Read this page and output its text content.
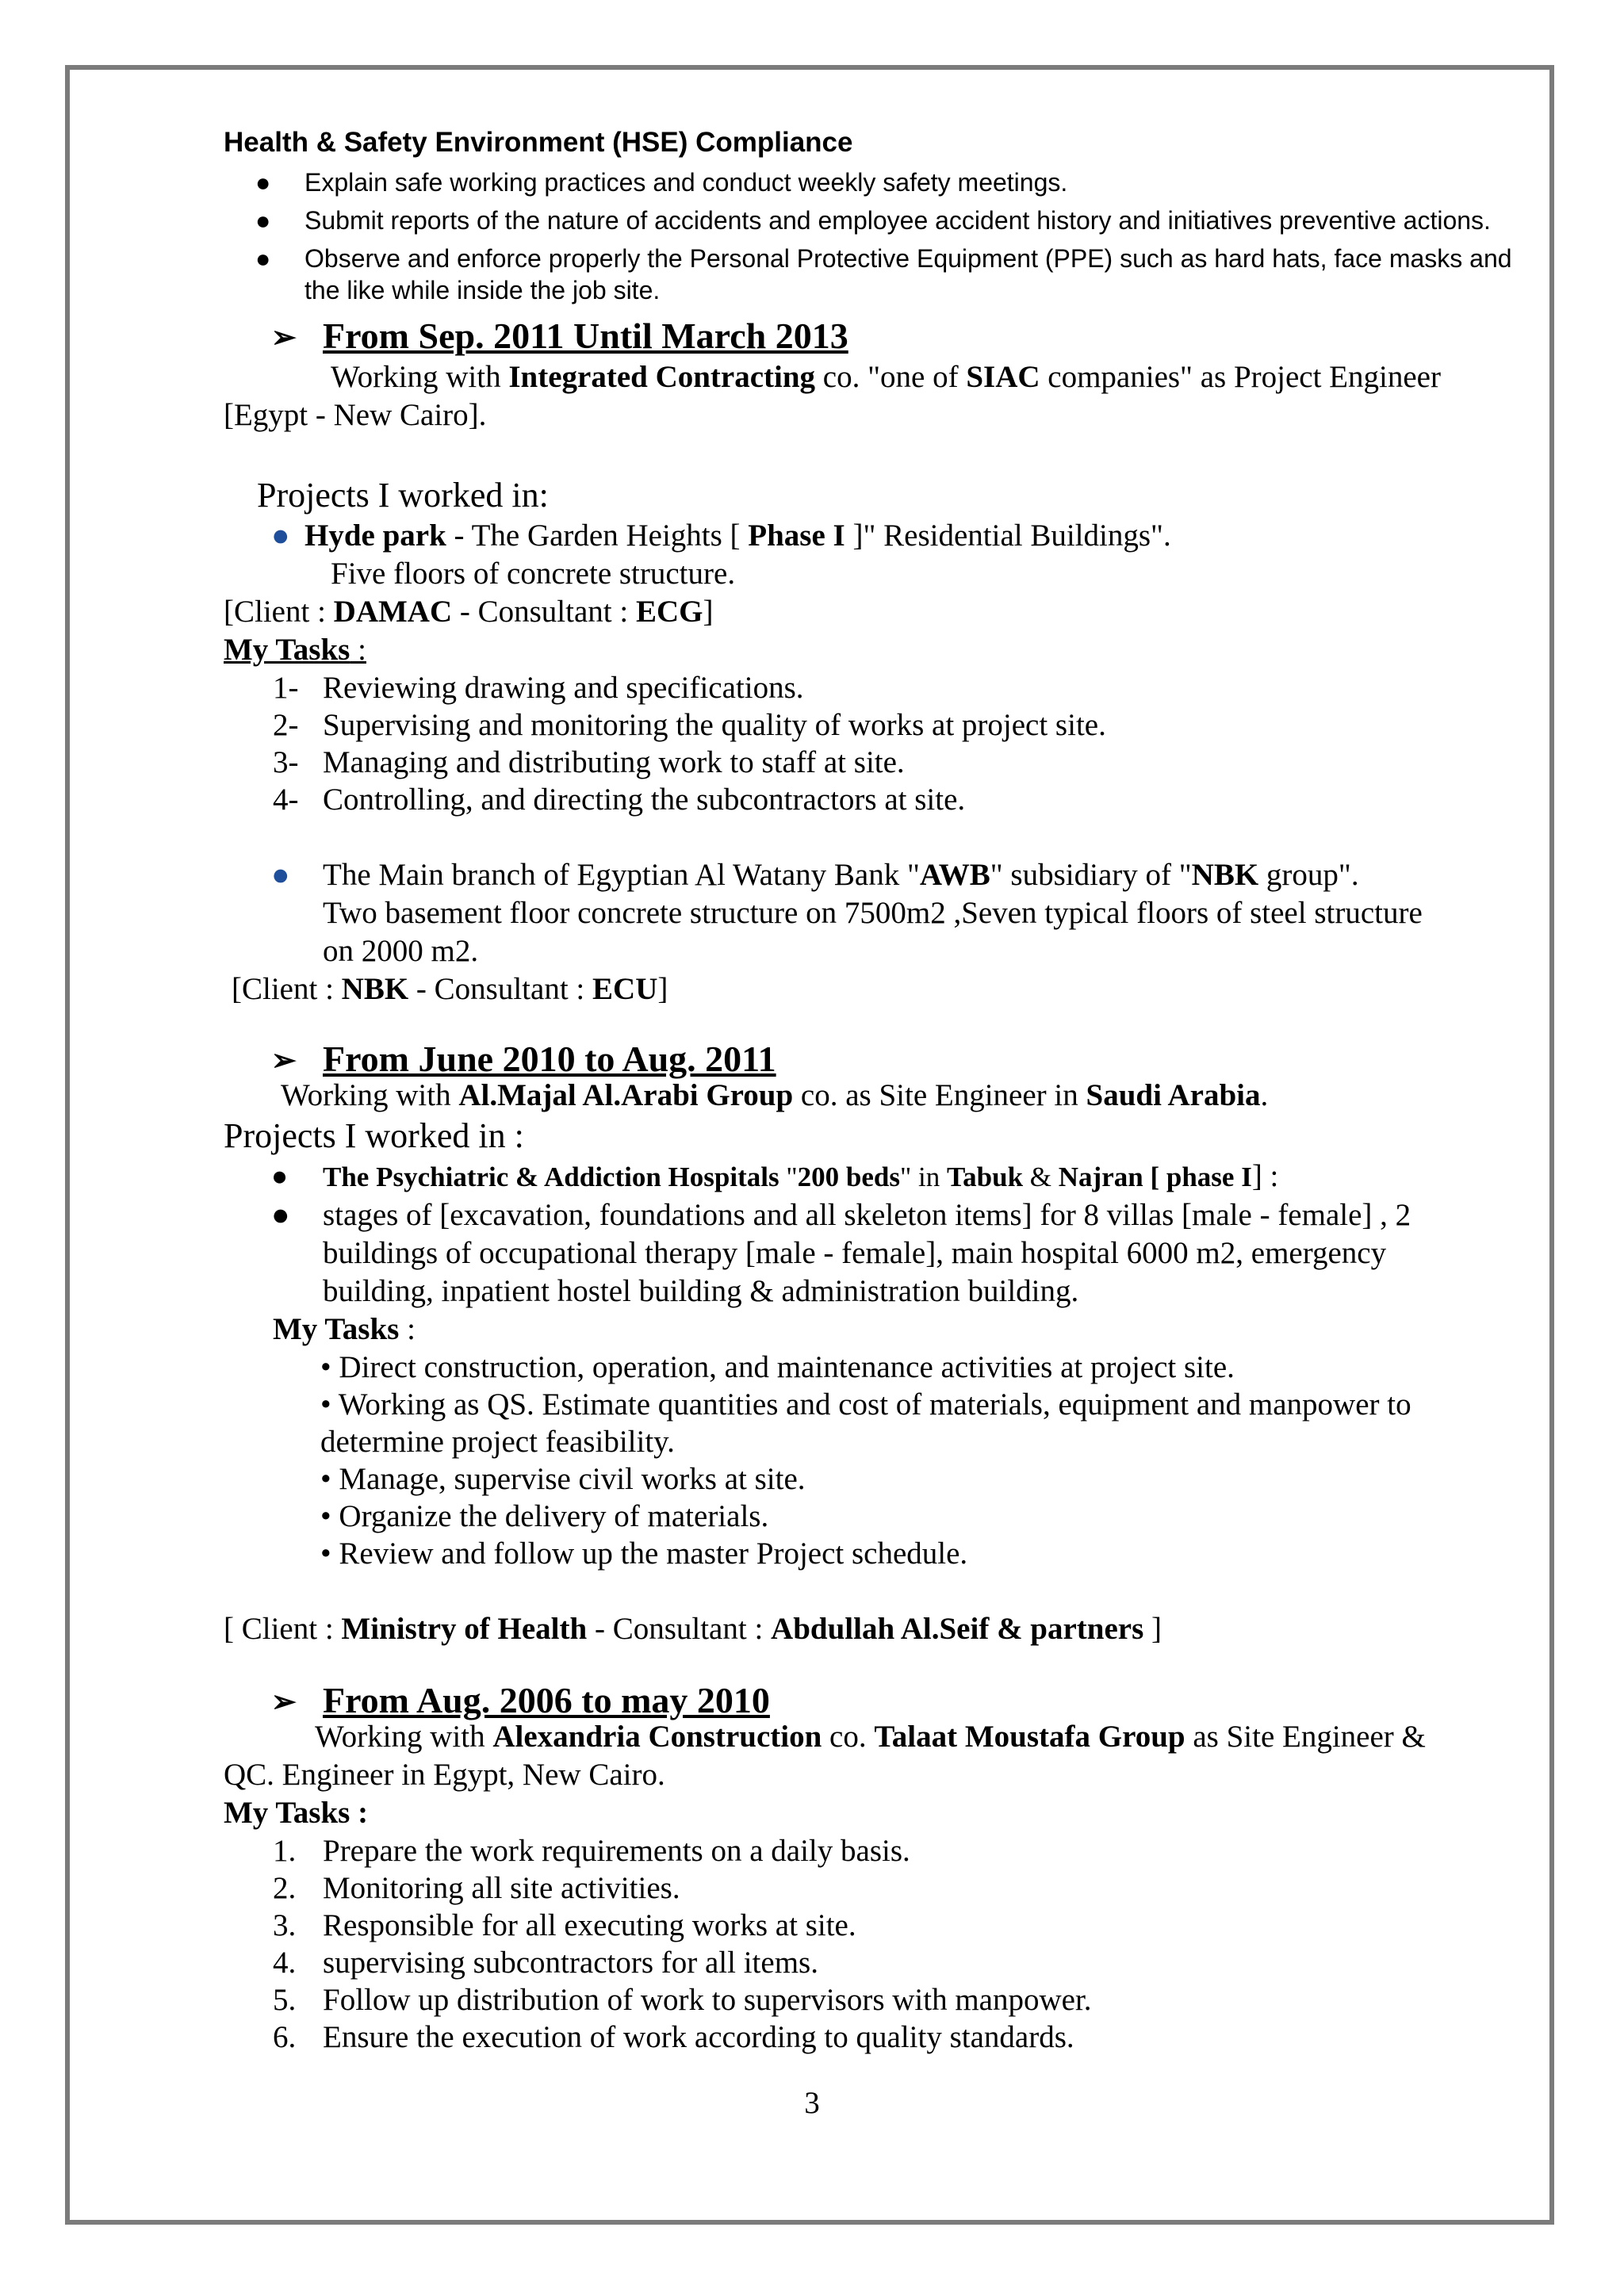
Health & Safety Environment (HSE) Compliance
● Explain safe working practices and conduct weekly safety meetings.
● Submit reports of the nature of accidents and employee accident history and initiatives preventive actions.
● Observe and enforce properly the Personal Protective Equipment (PPE) such as hard hats, face masks and the like while inside the job site.
➢ From Sep. 2011 Until March 2013
Working with Integrated Contracting co. "one of SIAC companies" as Project Engineer
[Egypt - New Cairo].
Projects I worked in:
● Hyde park - The Garden Heights [ Phase I ]" Residential Buildings".
Five floors of concrete structure.
[Client : DAMAC - Consultant : ECG]
My Tasks :
1- Reviewing drawing and specifications.
2- Supervising and monitoring the quality of works at project site.
3- Managing and distributing work to staff at site.
4- Controlling, and directing the subcontractors at site.
● The Main branch of Egyptian Al Watany Bank "AWB" subsidiary of "NBK group".
Two basement floor concrete structure on 7500m2 ,Seven typical floors of steel structure
on 2000 m2.
[Client : NBK - Consultant : ECU]
➢ From June 2010 to Aug. 2011
Working with Al.Majal Al.Arabi Group co. as Site Engineer in Saudi Arabia.
Projects I worked in :
● The Psychiatric & Addiction Hospitals "200 beds" in Tabuk & Najran [ phase I] :
● stages of [excavation, foundations and all skeleton items] for 8 villas [male - female] , 2
buildings of occupational therapy [male - female], main hospital 6000 m2, emergency
building, inpatient hostel building & administration building.
My Tasks :
• Direct construction, operation, and maintenance activities at project site.
• Working as QS. Estimate quantities and cost of materials, equipment and manpower to
determine project feasibility.
• Manage, supervise civil works at site.
• Organize the delivery of materials.
• Review and follow up the master Project schedule.
[ Client : Ministry of Health - Consultant : Abdullah Al.Seif & partners ]
➢ From Aug. 2006 to may 2010
Working with Alexandria Construction co. Talaat Moustafa Group as Site Engineer &
QC. Engineer in Egypt, New Cairo.
My Tasks :
1. Prepare the work requirements on a daily basis.
2. Monitoring all site activities.
3. Responsible for all executing works at site.
4. supervising subcontractors for all items.
5. Follow up distribution of work to supervisors with manpower.
6. Ensure the execution of work according to quality standards.
3
